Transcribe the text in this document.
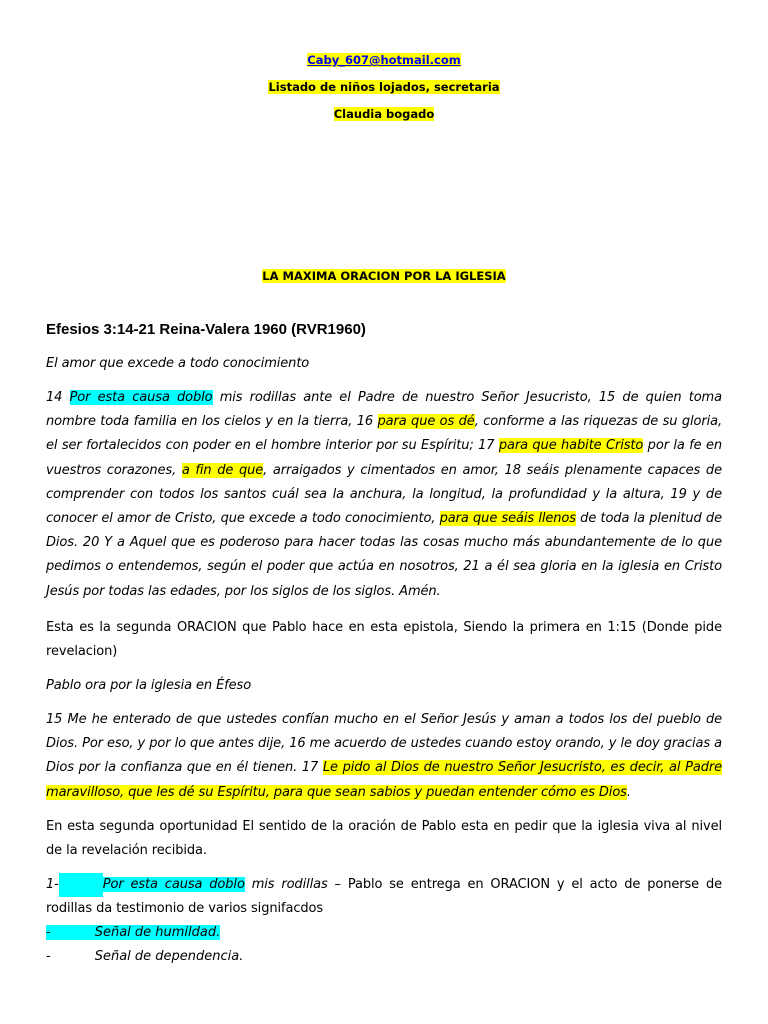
Caby_607@hotmail.com
Listado de niños lojados, secretaria
Claudia bogado
LA MAXIMA ORACION POR LA IGLESIA
Efesios 3:14-21 Reina-Valera 1960 (RVR1960)
El amor que excede a todo conocimiento
14 Por esta causa doblo mis rodillas ante el Padre de nuestro Señor Jesucristo, 15 de quien toma nombre toda familia en los cielos y en la tierra, 16 para que os dé, conforme a las riquezas de su gloria, el ser fortalecidos con poder en el hombre interior por su Espíritu; 17 para que habite Cristo por la fe en vuestros corazones, a fin de que, arraigados y cimentados en amor, 18 seáis plenamente capaces de comprender con todos los santos cuál sea la anchura, la longitud, la profundidad y la altura, 19 y de conocer el amor de Cristo, que excede a todo conocimiento, para que seáis llenos de toda la plenitud de Dios. 20 Y a Aquel que es poderoso para hacer todas las cosas mucho más abundantemente de lo que pedimos o entendemos, según el poder que actúa en nosotros, 21 a él sea gloria en la iglesia en Cristo Jesús por todas las edades, por los siglos de los siglos. Amén.
Esta es la segunda ORACION que Pablo hace en esta epistola, Siendo la primera en 1:15 (Donde pide revelacion)
Pablo ora por la iglesia en Éfeso
15 Me he enterado de que ustedes confían mucho en el Señor Jesús y aman a todos los del pueblo de Dios. Por eso, y por lo que antes dije, 16 me acuerdo de ustedes cuando estoy orando, y le doy gracias a Dios por la confianza que en él tienen. 17 Le pido al Dios de nuestro Señor Jesucristo, es decir, al Padre maravilloso, que les dé su Espíritu, para que sean sabios y puedan entender cómo es Dios.
En esta segunda oportunidad El sentido de la oración de Pablo esta en pedir que la iglesia viva al nivel de la revelación recibida.
1-	Por esta causa doblo mis rodillas – Pablo se entrega en ORACION y el acto de ponerse de rodillas da testimonio de varios signifacdos
-	Señal de humildad.
-	Señal de dependencia.
